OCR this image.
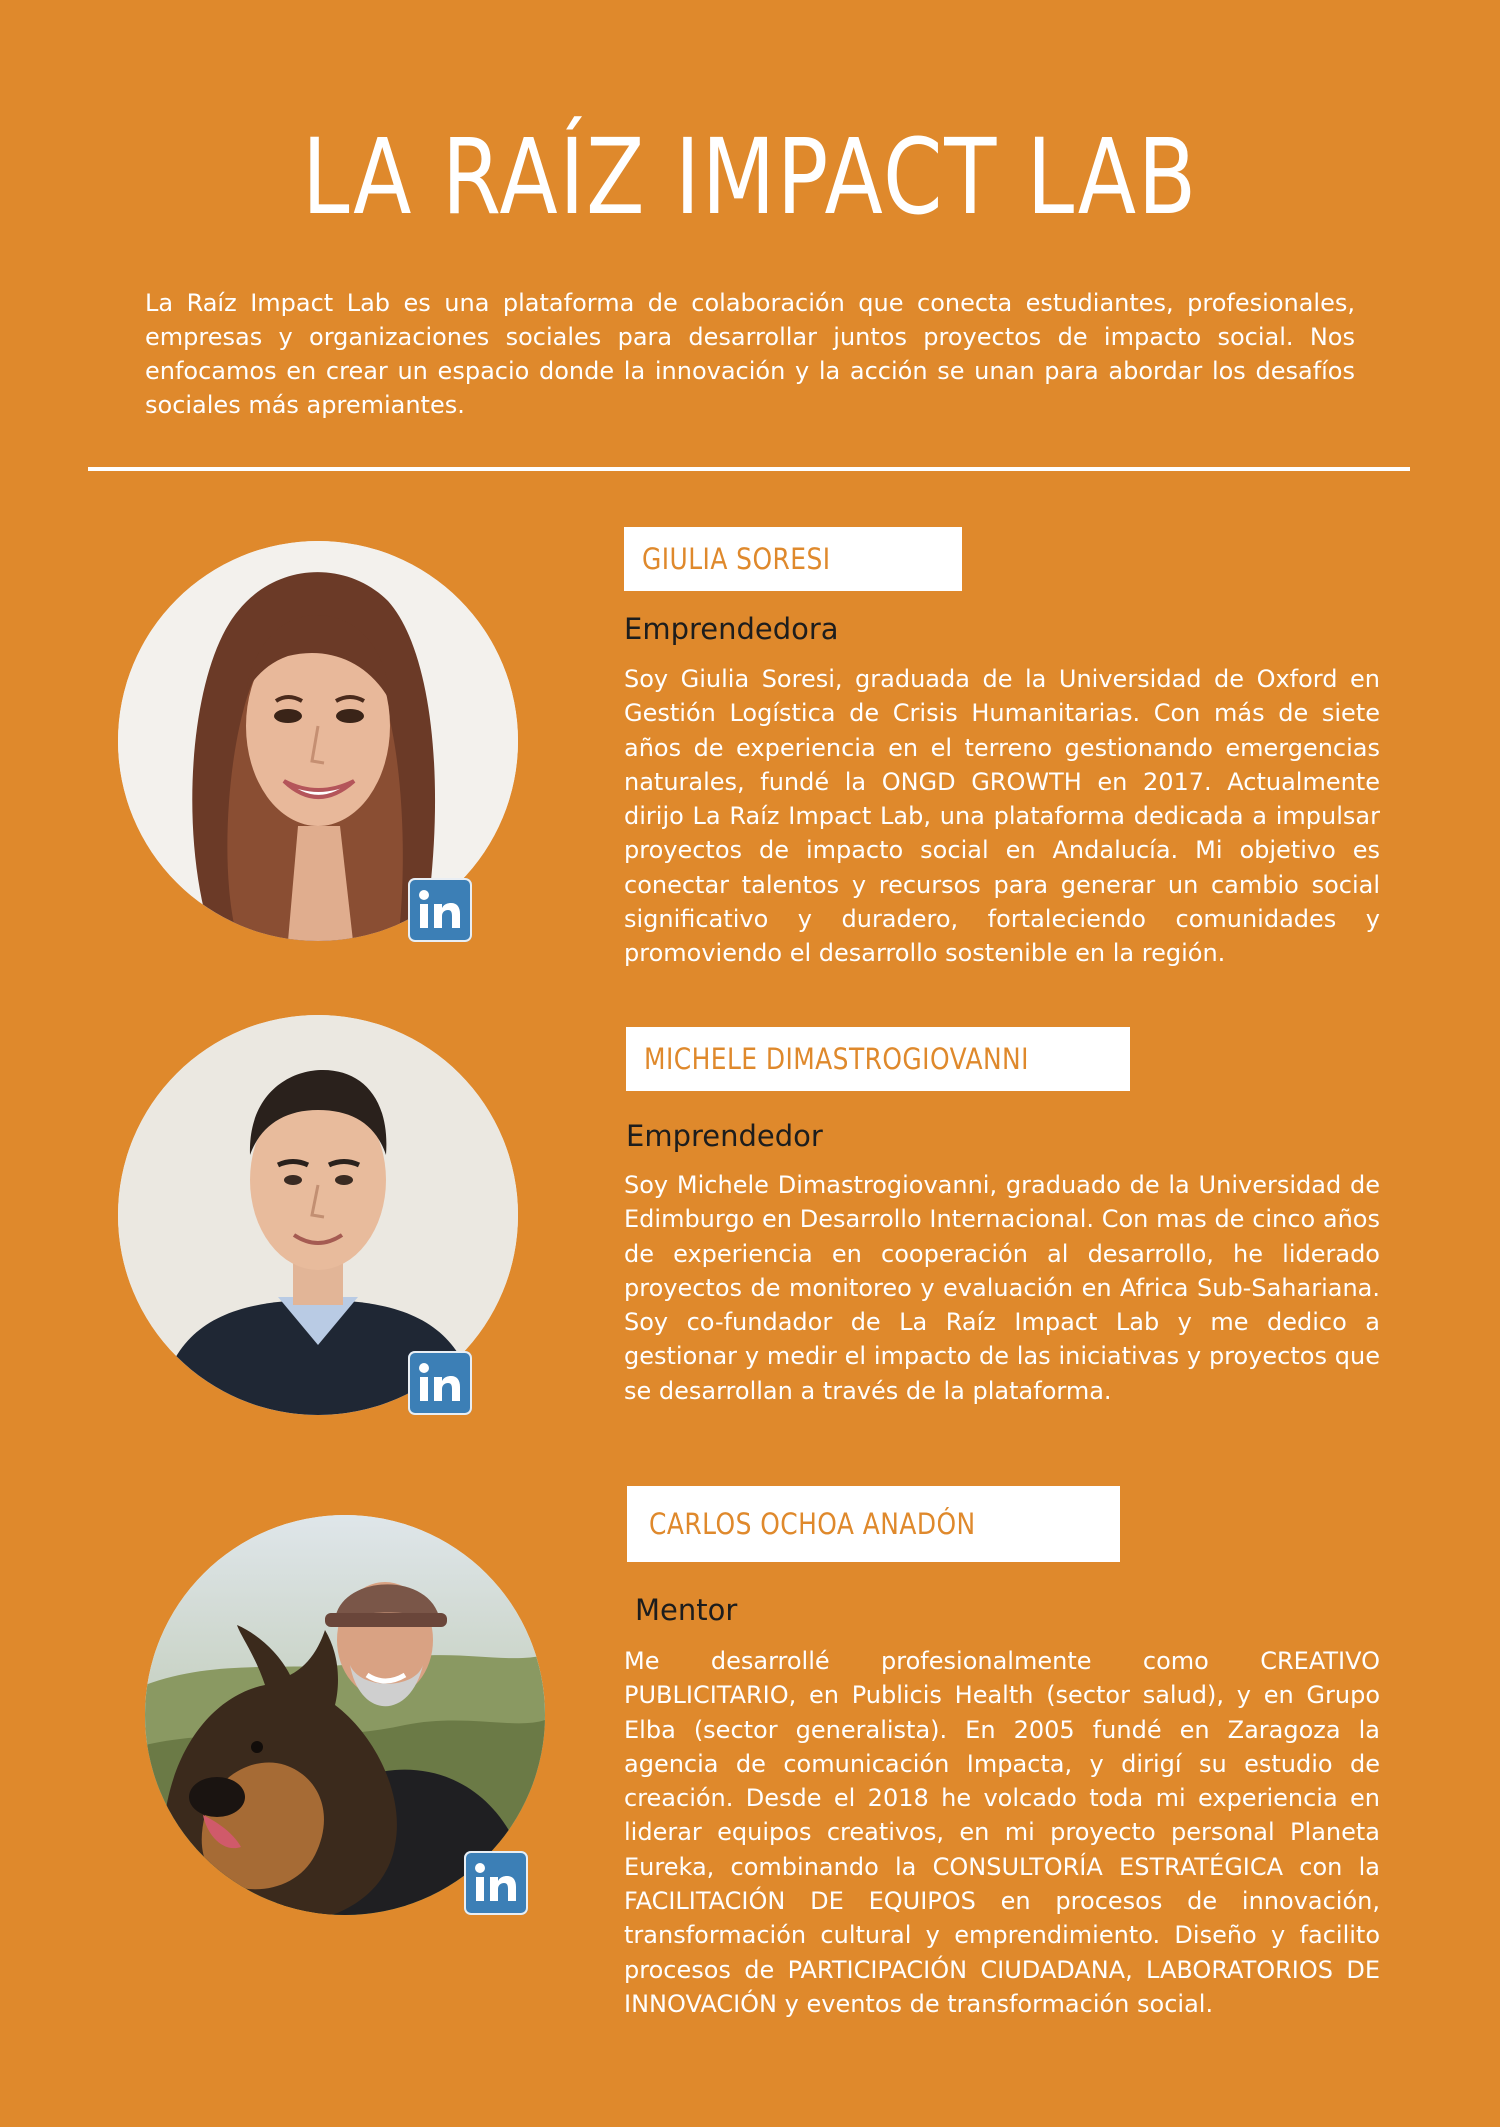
LA RAÍZ IMPACT LAB

La Raíz Impact Lab es una plataforma de colaboración que conecta estudiantes, profesionales, empresas y organizaciones sociales para desarrollar juntos proyectos de impacto social. Nos enfocamos en crear un espacio donde la innovación y la acción se unan para abordar los desafíos sociales más apremiantes.

GIULIA SORESI

Emprendedora

Soy Giulia Soresi, graduada de la Universidad de Oxford en Gestión Logística de Crisis Humanitarias. Con más de siete años de experiencia en el terreno gestionando emergencias naturales, fundé la ONGD GROWTH en 2017. Actualmente dirijo La Raíz Impact Lab, una plataforma dedicada a impulsar proyectos de impacto social en Andalucía. Mi objetivo es conectar talentos y recursos para generar un cambio social significativo y duradero, fortaleciendo comunidades y promoviendo el desarrollo sostenible en la región.

MICHELE DIMASTROGIOVANNI

Emprendedor

Soy Michele Dimastrogiovanni, graduado de la Universidad de Edimburgo en Desarrollo Internacional. Con mas de cinco años de experiencia en cooperación al desarrollo, he liderado proyectos de monitoreo y evaluación en Africa Sub-Sahariana. Soy co-fundador de La Raíz Impact Lab y me dedico a gestionar y medir el impacto de las iniciativas y proyectos que se desarrollan a través de la plataforma.

CARLOS OCHOA ANADÓN

Mentor

Me desarrollé profesionalmente como CREATIVO PUBLICITARIO, en Publicis Health (sector salud), y en Grupo Elba (sector generalista). En 2005 fundé en Zaragoza la agencia de comunicación Impacta, y dirigí su estudio de creación. Desde el 2018 he volcado toda mi experiencia en liderar equipos creativos, en mi proyecto personal Planeta Eureka, combinando la CONSULTORÍA ESTRATÉGICA con la FACILITACIÓN DE EQUIPOS en procesos de innovación, transformación cultural y emprendimiento. Diseño y facilito procesos de PARTICIPACIÓN CIUDADANA, LABORATORIOS DE INNOVACIÓN y eventos de transformación social.
